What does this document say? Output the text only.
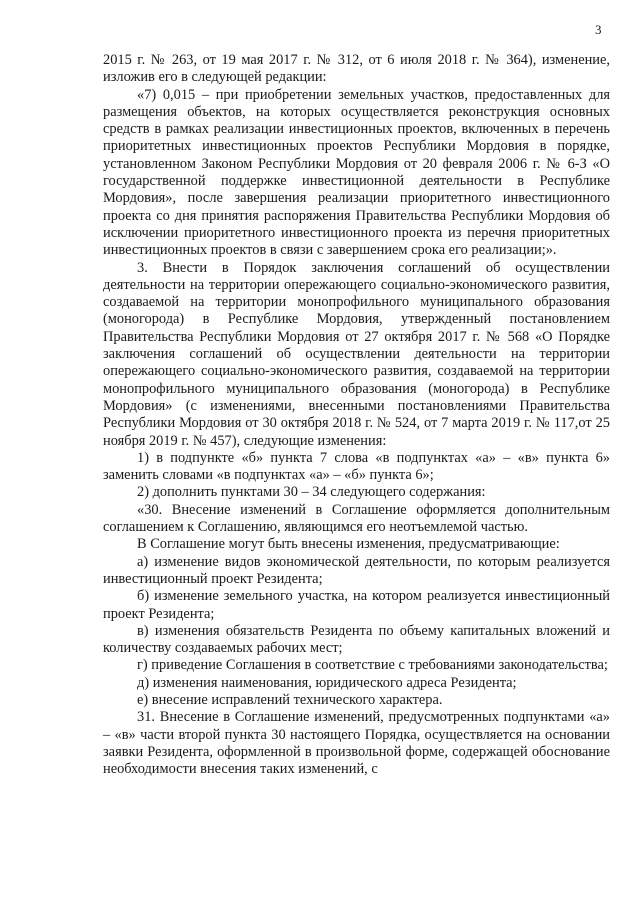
3

2015 г. № 263, от 19 мая 2017 г. № 312, от 6 июля 2018 г. № 364), изменение, изложив его в следующей редакции:

«7) 0,015 – при приобретении земельных участков, предоставленных для размещения объектов, на которых осуществляется реконструкция основных средств в рамках реализации инвестиционных проектов, включенных в перечень приоритетных инвестиционных проектов Республики Мордовия в порядке, установленном Законом Республики Мордовия от 20 февраля 2006 г. № 6-З «О государственной поддержке инвестиционной деятельности в Республике Мордовия», после завершения реализации приоритетного инвестиционного проекта со дня принятия распоряжения Правительства Республики Мордовия об исключении приоритетного инвестиционного проекта из перечня приоритетных инвестиционных проектов в связи с завершением срока его реализации;».

3. Внести в Порядок заключения соглашений об осуществлении деятельности на территории опережающего социально-экономического развития, создаваемой на территории монопрофильного муниципального образования (моногорода) в Республике Мордовия, утвержденный постановлением Правительства Республики Мордовия от 27 октября 2017 г. № 568 «О Порядке заключения соглашений об осуществлении деятельности на территории опережающего социально-экономического развития, создаваемой на территории монопрофильного муниципального образования (моногорода) в Республике Мордовия» (с изменениями, внесенными постановлениями Правительства Республики Мордовия от 30 октября 2018 г. № 524, от 7 марта 2019 г. № 117,от 25 ноября 2019 г. № 457), следующие изменения:

1) в подпункте «б» пункта 7 слова «в подпунктах «а» – «в» пункта 6» заменить словами «в подпунктах «а» – «б» пункта 6»;

2) дополнить пунктами 30 – 34 следующего содержания:

«30. Внесение изменений в Соглашение оформляется дополнительным соглашением к Соглашению, являющимся его неотъемлемой частью.

В Соглашение могут быть внесены изменения, предусматривающие:

а) изменение видов экономической деятельности, по которым реализуется инвестиционный проект Резидента;

б) изменение земельного участка, на котором реализуется инвестиционный проект Резидента;

в) изменения обязательств Резидента по объему капитальных вложений и количеству создаваемых рабочих мест;

г) приведение Соглашения в соответствие с требованиями законодательства;

д) изменения наименования, юридического адреса Резидента;

е) внесение исправлений технического характера.

31. Внесение в Соглашение изменений, предусмотренных подпунктами «а» – «в» части второй пункта 30 настоящего Порядка, осуществляется на основании заявки Резидента, оформленной в произвольной форме, содержащей обоснование необходимости внесения таких изменений, с
